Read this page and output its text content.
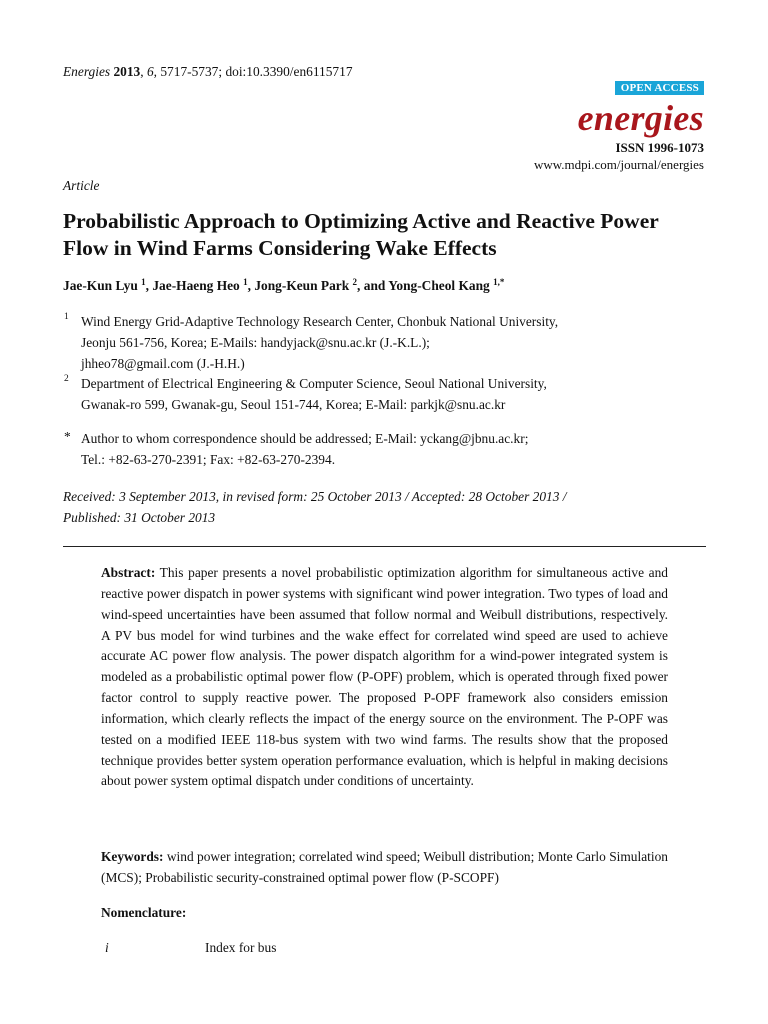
Energies 2013, 6, 5717-5737; doi:10.3390/en6115717
OPEN ACCESS
energies
ISSN 1996-1073
www.mdpi.com/journal/energies
Article
Probabilistic Approach to Optimizing Active and Reactive Power Flow in Wind Farms Considering Wake Effects
Jae-Kun Lyu $^1$, Jae-Haeng Heo $^1$, Jong-Keun Park $^2$, and Yong-Cheol Kang $^{1,*}$
1 Wind Energy Grid-Adaptive Technology Research Center, Chonbuk National University,
Jeonju 561-756, Korea; E-Mails: handyjack@snu.ac.kr (J.-K.L.);
jhheo78@gmail.com (J.-H.H.)
2 Department of Electrical Engineering & Computer Science, Seoul National University,
Gwanak-ro 599, Gwanak-gu, Seoul 151-744, Korea; E-Mail: parkjk@snu.ac.kr
* Author to whom correspondence should be addressed; E-Mail: yckang@jbnu.ac.kr;
Tel.: +82-63-270-2391; Fax: +82-63-270-2394.
Received: 3 September 2013, in revised form: 25 October 2013 / Accepted: 28 October 2013 /
Published: 31 October 2013

Abstract: This paper presents a novel probabilistic optimization algorithm for simultaneous active and reactive power dispatch in power systems with significant wind power integration. Two types of load and wind-speed uncertainties have been assumed that follow normal and Weibull distributions, respectively. A PV bus model for wind turbines and the wake effect for correlated wind speed are used to achieve accurate AC power flow analysis. The power dispatch algorithm for a wind-power integrated system is modeled as a probabilistic optimal power flow (P-OPF) problem, which is operated through fixed power factor control to supply reactive power. The proposed P-OPF framework also considers emission information, which clearly reflects the impact of the energy source on the environment. The P-OPF was tested on a modified IEEE 118-bus system with two wind farms. The results show that the proposed technique provides better system operation performance evaluation, which is helpful in making decisions about power system optimal dispatch under conditions of uncertainty.

Keywords: wind power integration; correlated wind speed; Weibull distribution; Monte Carlo Simulation (MCS); Probabilistic security-constrained optimal power flow (P-SCOPF)

Nomenclature:
i	Index for bus
